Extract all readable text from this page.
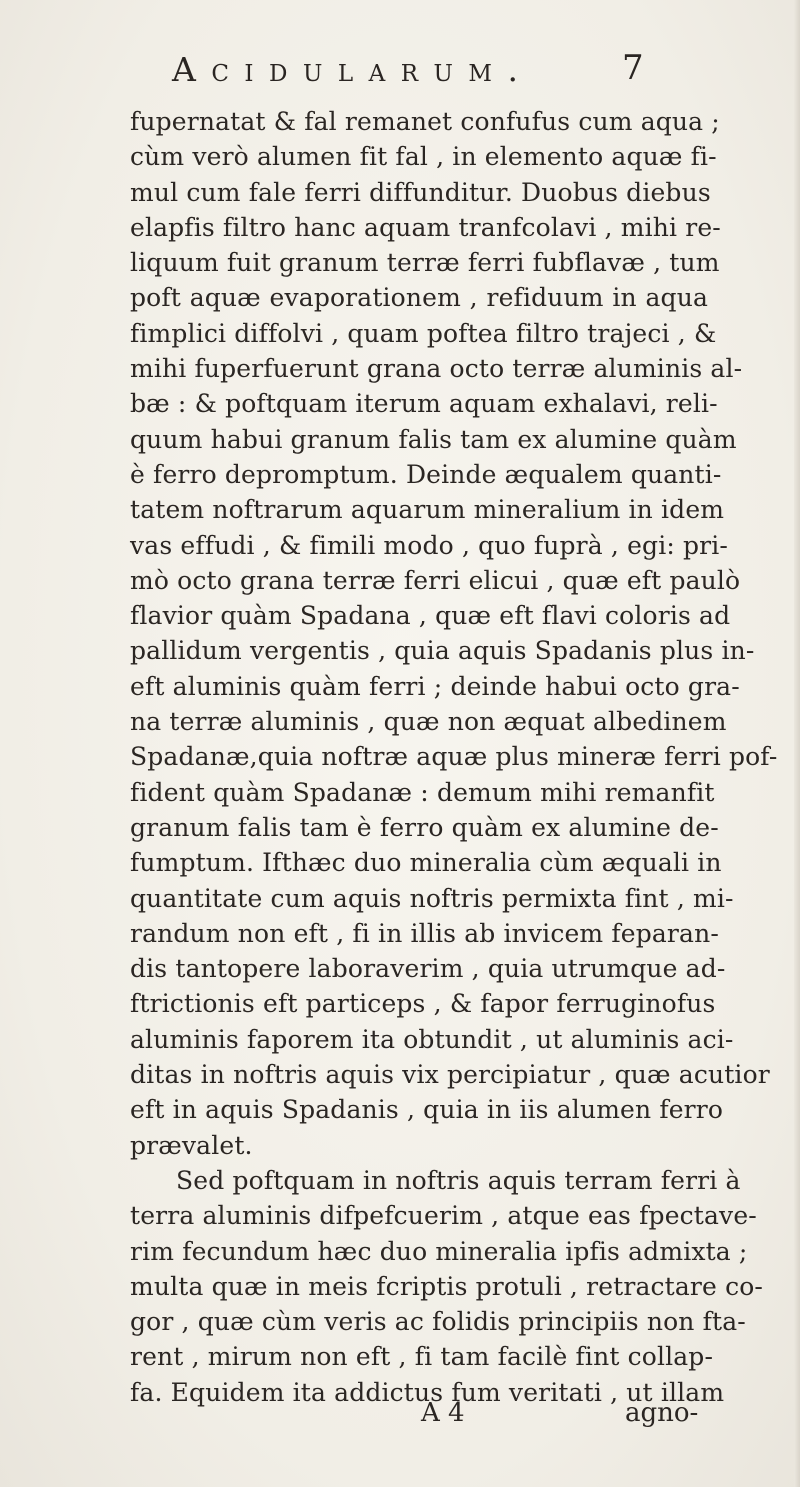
Acidularum.	7
fupernatat & fal remanet confufus cum aqua ;
cùm verò alumen fit fal , in elemento aquæ fi-
mul cum fale ferri diffunditur. Duobus diebus
elapfis filtro hanc aquam tranfcolavi , mihi re-
liquum fuit granum terræ ferri fubflavæ , tum
poft aquæ evaporationem , refiduum in aqua
fimplici diffolvi , quam poftea filtro trajeci , &
mihi fuperfuerunt grana octo terræ aluminis al-
bæ : & poftquam iterum aquam exhalavi, reli-
quum habui granum falis tam ex alumine quàm
è ferro depromptum. Deinde æqualem quanti-
tatem noftrarum aquarum mineralium in idem
vas effudi , & fimili modo , quo fuprà , egi: pri-
mò octo grana terræ ferri elicui , quæ eft paulò
flavior quàm Spadana , quæ eft flavi coloris ad
pallidum vergentis , quia aquis Spadanis plus in-
eft aluminis quàm ferri ; deinde habui octo gra-
na terræ aluminis , quæ non æquat albedinem
Spadanæ,quia noftræ aquæ plus mineræ ferri pof-
fident quàm Spadanæ : demum mihi remanfit
granum falis tam è ferro quàm ex alumine de-
fumptum. Ifthæc duo mineralia cùm æquali in
quantitate cum aquis noftris permixta fint , mi-
randum non eft , fi in illis ab invicem feparan-
dis tantopere laboraverim , quia utrumque ad-
ftrictionis eft particeps , & fapor ferruginofus
aluminis faporem ita obtundit , ut aluminis aci-
ditas in noftris aquis vix percipiatur , quæ acutior
eft in aquis Spadanis , quia in iis alumen ferro
prævalet.
Sed poftquam in noftris aquis terram ferri à
terra aluminis difpefcuerim , atque eas fpectave-
rim fecundum hæc duo mineralia ipfis admixta ;
multa quæ in meis fcriptis protuli , retractare co-
gor , quæ cùm veris ac folidis principiis non fta-
rent , mirum non eft , fi tam facilè fint collap-
fa. Equidem ita addictus fum veritati , ut illam
A 4	agno-
